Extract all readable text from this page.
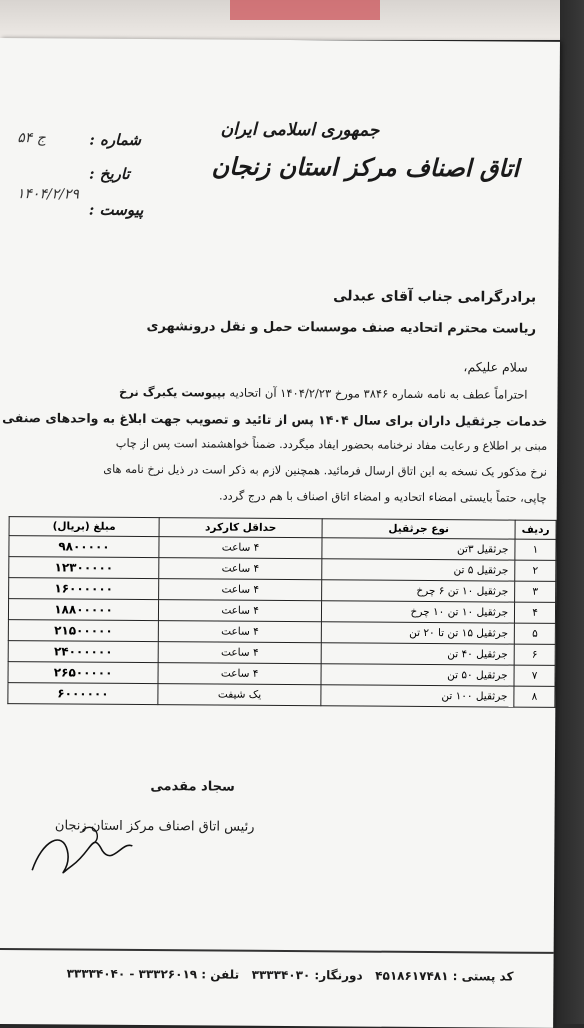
جمهوری اسلامی ایران
اتاق اصناف مرکز استان زنجان
شماره :
۵۴ ج
تاریخ :
۱۴۰۴/۲/۲۹
پیوست :
برادرگرامی جناب آقای عبدلی
ریاست محترم اتحادیه صنف موسسات حمل و نقل درونشهری
سلام علیکم،
احتراماً عطف به نامه شماره ۳۸۴۶ مورخ ۱۴۰۴/۲/۲۳ آن اتحادیه بپیوست یکبرگ نرخ
خدمات جرثقیل داران برای سال ۱۴۰۴ پس از تائید و تصویب جهت ابلاغ به واحدهای صنفی
مبنی بر اطلاع و رعایت مفاد نرخنامه بحضور ایفاد میگردد. ضمناً خواهشمند است پس از چاپ
نرخ مذکور یک نسخه به این اتاق ارسال فرمائید. همچنین لازم به ذکر است در ذیل نرخ نامه های
چاپی، حتماً بایستی امضاء اتحادیه و امضاء اتاق اصناف با هم درج گردد.
ردیف	نوع جرثقیل	حداقل کارکرد	مبلغ (بریال)
۱	جرثقیل ۳تن	۴ ساعت	۹۸۰۰۰۰۰
۲	جرثقیل ۵ تن	۴ ساعت	۱۲۳۰۰۰۰۰
۳	جرثقیل ۱۰ تن ۶ چرخ	۴ ساعت	۱۶۰۰۰۰۰۰
۴	جرثقیل ۱۰ تن ۱۰ چرخ	۴ ساعت	۱۸۸۰۰۰۰۰
۵	جرثقیل ۱۵ تن تا ۲۰ تن	۴ ساعت	۲۱۵۰۰۰۰۰
۶	جرثقیل ۴۰ تن	۴ ساعت	۲۴۰۰۰۰۰۰
۷	جرثقیل ۵۰ تن	۴ ساعت	۲۶۵۰۰۰۰۰
۸	جرثقیل ۱۰۰ تن	یک شیفت	۶۰۰۰۰۰۰
سجاد مقدمی
رئیس اتاق اصناف مرکز استان زنجان
کد پستی : ۴۵۱۸۶۱۷۴۸۱   دورنگار: ۳۳۳۳۴۰۳۰   تلفن : ۳۳۳۲۶۰۱۹ - ۳۳۳۳۴۰۴۰
